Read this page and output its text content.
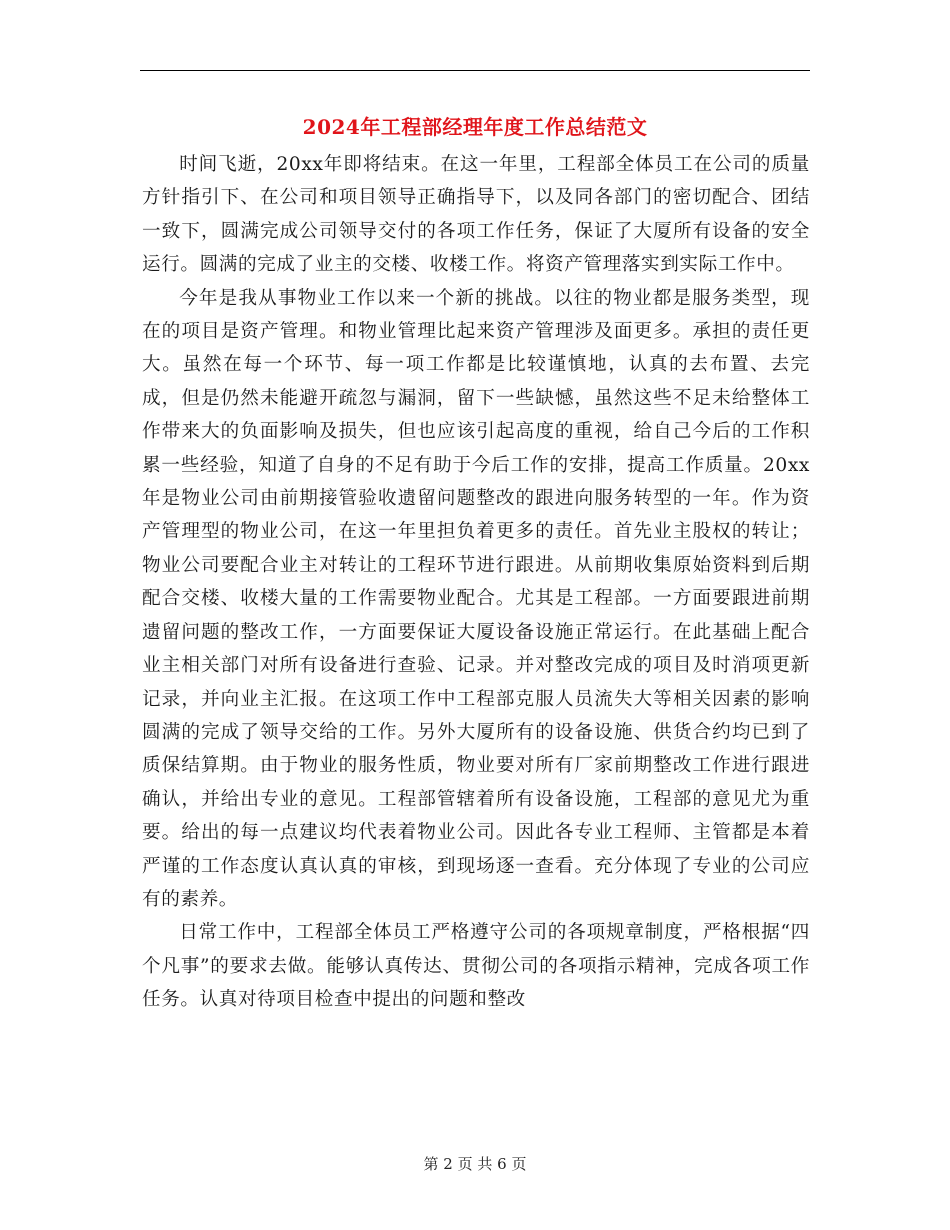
2024年工程部经理年度工作总结范文

时间飞逝，20xx年即将结束。在这一年里，工程部全体员工在公司的质量方针指引下、在公司和项目领导正确指导下，以及同各部门的密切配合、团结一致下，圆满完成公司领导交付的各项工作任务，保证了大厦所有设备的安全运行。圆满的完成了业主的交楼、收楼工作。将资产管理落实到实际工作中。

今年是我从事物业工作以来一个新的挑战。以往的物业都是服务类型，现在的项目是资产管理。和物业管理比起来资产管理涉及面更多。承担的责任更大。虽然在每一个环节、每一项工作都是比较谨慎地，认真的去布置、去完成，但是仍然未能避开疏忽与漏洞，留下一些缺憾，虽然这些不足未给整体工作带来大的负面影响及损失，但也应该引起高度的重视，给自己今后的工作积累一些经验，知道了自身的不足有助于今后工作的安排，提高工作质量。20xx年是物业公司由前期接管验收遗留问题整改的跟进向服务转型的一年。作为资产管理型的物业公司，在这一年里担负着更多的责任。首先业主股权的转让；物业公司要配合业主对转让的工程环节进行跟进。从前期收集原始资料到后期配合交楼、收楼大量的工作需要物业配合。尤其是工程部。一方面要跟进前期遗留问题的整改工作，一方面要保证大厦设备设施正常运行。在此基础上配合业主相关部门对所有设备进行查验、记录。并对整改完成的项目及时消项更新记录，并向业主汇报。在这项工作中工程部克服人员流失大等相关因素的影响圆满的完成了领导交给的工作。另外大厦所有的设备设施、供货合约均已到了质保结算期。由于物业的服务性质，物业要对所有厂家前期整改工作进行跟进确认，并给出专业的意见。工程部管辖着所有设备设施，工程部的意见尤为重要。给出的每一点建议均代表着物业公司。因此各专业工程师、主管都是本着严谨的工作态度认真认真的审核，到现场逐一查看。充分体现了专业的公司应有的素养。

日常工作中，工程部全体员工严格遵守公司的各项规章制度，严格根据“四个凡事”的要求去做。能够认真传达、贯彻公司的各项指示精神，完成各项工作任务。认真对待项目检查中提出的问题和整改

第 2 页 共 6 页
